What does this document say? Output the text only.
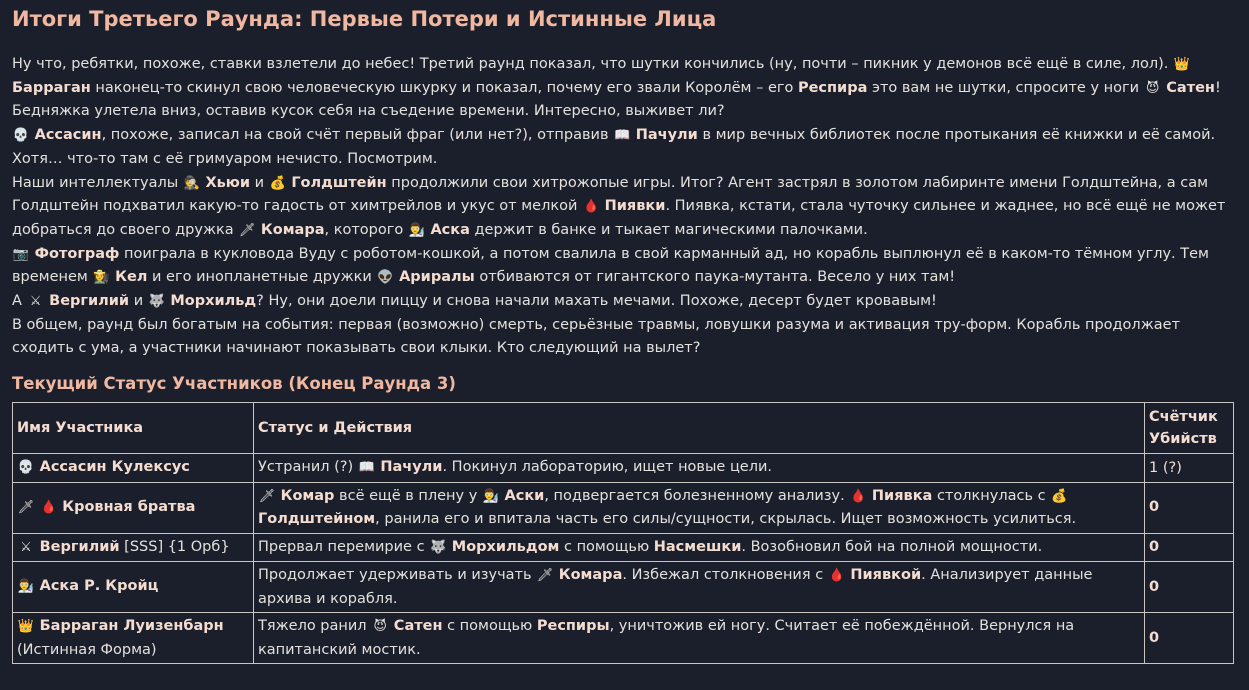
Итоги Третьего Раунда: Первые Потери и Истинные Лица

Ну что, ребятки, похоже, ставки взлетели до небес! Третий раунд показал, что шутки кончились (ну, почти – пикник у демонов всё ещё в силе, лол). 👑 Барраган наконец-то скинул свою человеческую шкурку и показал, почему его звали Королём – его Респира это вам не шутки, спросите у ноги 😈 Сатен! Бедняжка улетела вниз, оставив кусок себя на съедение времени. Интересно, выживет ли?

💀 Ассасин, похоже, записал на свой счёт первый фраг (или нет?), отправив 📖 Пачули в мир вечных библиотек после протыкания её книжки и её самой. Хотя… что-то там с её гримуаром нечисто. Посмотрим.

Наши интеллектуалы 🕵 Хьюи и 💰 Голдштейн продолжили свои хитрожопые игры. Итог? Агент застрял в золотом лабиринте имени Голдштейна, а сам Голдштейн подхватил какую-то гадость от химтрейлов и укус от мелкой 🩸 Пиявки. Пиявка, кстати, стала чуточку сильнее и жаднее, но всё ещё не может добраться до своего дружка 🗡 Комара, которого 👨‍🔬 Аска держит в банке и тыкает магическими палочками.

📷 Фотограф поиграла в кукловода Вуду с роботом-кошкой, а потом свалила в свой карманный ад, но корабль выплюнул её в каком-то тёмном углу. Тем временем 👩‍🌾 Кел и его инопланетные дружки 👽 Арирaлы отбиваются от гигантского паука-мутанта. Весело у них там!

А ⚔ Вергилий и 🐺 Морхильд? Ну, они доели пиццу и снова начали махать мечами. Похоже, десерт будет кровавым!

В общем, раунд был богатым на события: первая (возможно) смерть, серьёзные травмы, ловушки разума и активация тру-форм. Корабль продолжает сходить с ума, а участники начинают показывать свои клыки. Кто следующий на вылет?

Текущий Статус Участников (Конец Раунда 3)
Имя Участника	Статус и Действия	Счётчик Убийств
💀 Ассасин Кулексус	Устранил (?) 📖 Пачули. Покинул лабораторию, ищет новые цели.	1 (?)
🗡 🩸 Кровная братва	🗡 Комар всё ещё в плену у 👨‍🔬 Аски, подвергается болезненному анализу. 🩸 Пиявка столкнулась с 💰 Голдштейном, ранила его и впитала часть его силы/сущности, скрылась. Ищет возможность усилиться.	0
⚔ Вергилий [SSS] {1 Орб}	Прервал перемирие с 🐺 Морхильдом с помощью Насмешки. Возобновил бой на полной мощности.	0
👨‍🔬 Аска Р. Кройц	Продолжает удерживать и изучать 🗡 Комара. Избежал столкновения с 🩸 Пиявкой. Анализирует данные архива и корабля.	0
👑 Барраган Луизенбарн (Истинная Форма)	Тяжело ранил 😈 Сатен с помощью Респиры, уничтожив ей ногу. Считает её побеждённой. Вернулся на капитанский мостик.	0
